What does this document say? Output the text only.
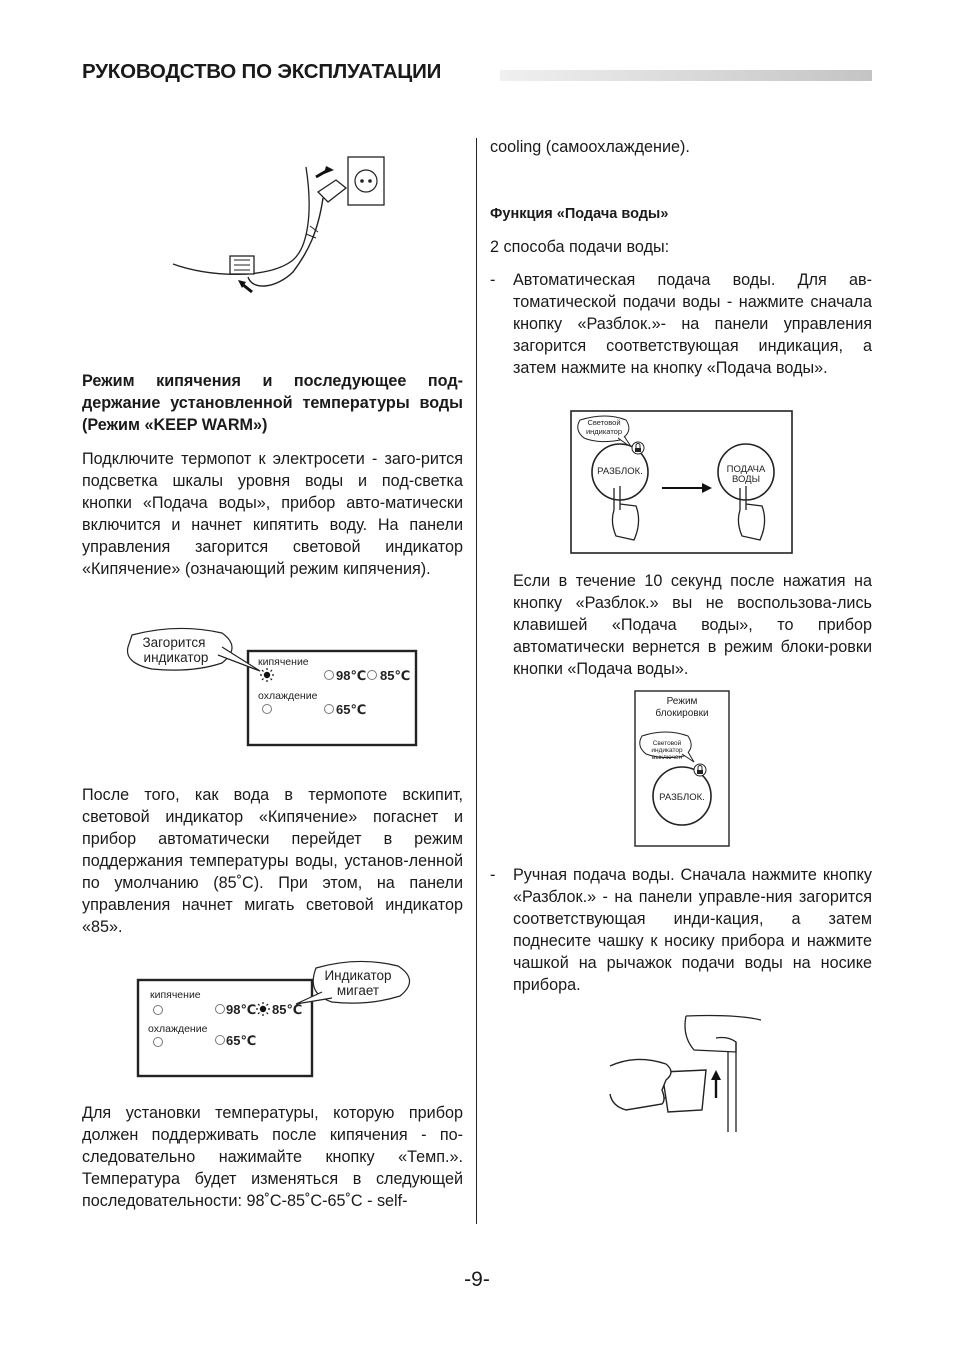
РУКОВОДСТВО ПО ЭКСПЛУАТАЦИИ
Режим кипячения и последующее под-держание установленной температуры воды (Режим «KEEP WARM»)

Подключите термопот к электросети - заго-рится подсветка шкалы уровня воды и под-светка кнопки «Подача воды», прибор авто-матически включится и начнет кипятить воду. На панели управления загорится световой индикатор «Кипячение» (означающий режим кипячения).

Загорится
индикатор	кипячение
98℃ 85℃
охлаждение
65℃

После того, как вода в термопоте вскипит, световой индикатор «Кипячение» погаснет и прибор автоматически перейдет в режим поддержания температуры воды, установ-ленной по умолчанию (85˚С). При этом, на панели управления начнет мигать световой индикатор «85».

Индикатор
мигает
кипячение
98℃ 85℃
охлаждение
65℃

Для установки температуры, которую прибор должен поддерживать после кипячения - по-следовательно нажимайте кнопку «Темп.». Температура будет изменяться в следующей последовательности: 98˚С-85˚С-65˚С - self-

cooling (самоохлаждение).

Функция «Подача воды»

2 способа подачи воды:

- Автоматическая подача воды. Для ав-томатической подачи воды - нажмите сначала кнопку «Разблок.»- на панели управления загорится соответствующая индикация, а затем нажмите на кнопку «Подача воды».
Световой
индикатор
РАЗБЛОК.	ПОДАЧА
ВОДЫ

Если в течение 10 секунд после нажатия на кнопку «Разблок.» вы не воспользова-лись клавишей «Подача воды», то прибор автоматически вернется в режим блоки-ровки кнопки «Подача воды».

Режим
блокировки
Световой
индикатор
выключен
РАЗБЛОК.
- Ручная подача воды. Сначала нажмите кнопку «Разблок.» - на панели управле-ния загорится соответствующая инди-кация, а затем поднесите чашку к носику прибора и нажмите чашкой на рычажок подачи воды на носике прибора.
-9-
